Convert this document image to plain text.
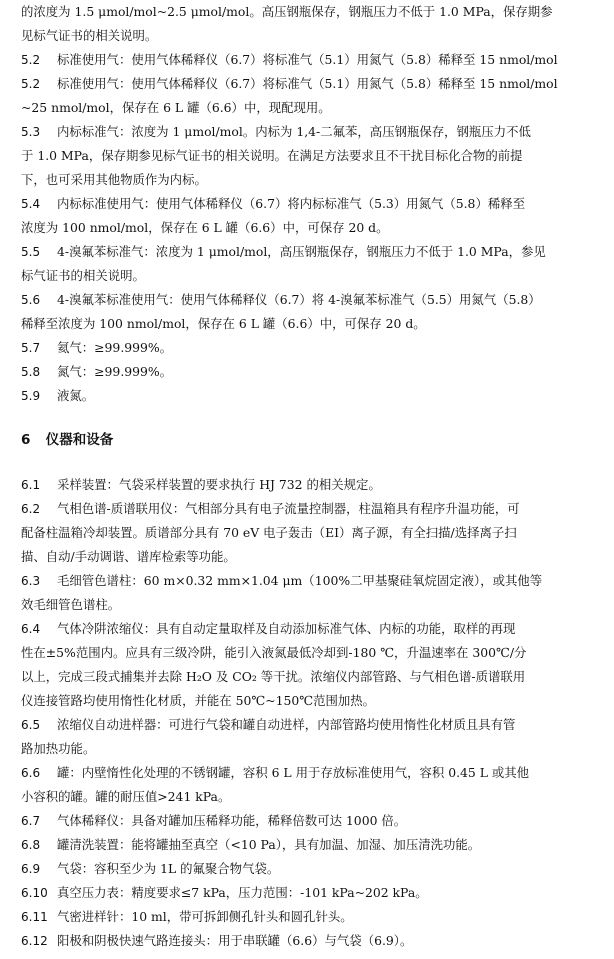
的浓度为 1.5 μmol/mol~2.5 μmol/mol。高压钢瓶保存，钢瓶压力不低于 1.0 MPa，保存期参
见标气证书的相关说明。
5.2 标准使用气：使用气体稀释仪（6.7）将标准气（5.1）用氮气（5.8）稀释至 15 nmol/mol
5.2 标准使用气：使用气体稀释仪（6.7）将标准气（5.1）用氮气（5.8）稀释至 15 nmol/mol
~25 nmol/mol，保存在 6 L 罐（6.6）中，现配现用。
5.3 内标标准气：浓度为 1 μmol/mol。内标为 1,4-二氟苯，高压钢瓶保存，钢瓶压力不低
于 1.0 MPa，保存期参见标气证书的相关说明。在满足方法要求且不干扰目标化合物的前提
下，也可采用其他物质作为内标。
5.4 内标标准使用气：使用气体稀释仪（6.7）将内标标准气（5.3）用氮气（5.8）稀释至
浓度为 100 nmol/mol，保存在 6 L 罐（6.6）中，可保存 20 d。
5.5 4-溴氟苯标准气：浓度为 1 μmol/mol，高压钢瓶保存，钢瓶压力不低于 1.0 MPa，参见
标气证书的相关说明。
5.6 4-溴氟苯标准使用气：使用气体稀释仪（6.7）将 4-溴氟苯标准气（5.5）用氮气（5.8）
稀释至浓度为 100 nmol/mol，保存在 6 L 罐（6.6）中，可保存 20 d。
5.7 氦气：≥99.999%。
5.8 氮气：≥99.999%。
5.9 液氮。
6 仪器和设备
6.1 采样装置：气袋采样装置的要求执行 HJ 732 的相关规定。
6.2 气相色谱-质谱联用仪：气相部分具有电子流量控制器，柱温箱具有程序升温功能，可
配备柱温箱冷却装置。质谱部分具有 70 eV 电子轰击（EI）离子源，有全扫描/选择离子扫
描、自动/手动调谐、谱库检索等功能。
6.3 毛细管色谱柱：60 m×0.32 mm×1.04 μm（100%二甲基聚硅氧烷固定液），或其他等
效毛细管色谱柱。
6.4 气体冷阱浓缩仪：具有自动定量取样及自动添加标准气体、内标的功能，取样的再现
性在±5%范围内。应具有三级冷阱，能引入液氮最低冷却到-180 ℃，升温速率在 300℃/分
以上，完成三段式捕集并去除 H₂O 及 CO₂ 等干扰。浓缩仪内部管路、与气相色谱-质谱联用
仪连接管路均使用惰性化材质，并能在 50℃~150℃范围加热。
6.5 浓缩仪自动进样器：可进行气袋和罐自动进样，内部管路均使用惰性化材质且具有管
路加热功能。
6.6 罐：内壁惰性化处理的不锈钢罐，容积 6 L 用于存放标准使用气，容积 0.45 L 或其他
小容积的罐。罐的耐压值>241 kPa。
6.7 气体稀释仪：具备对罐加压稀释功能，稀释倍数可达 1000 倍。
6.8 罐清洗装置：能将罐抽至真空（<10 Pa），具有加温、加湿、加压清洗功能。
6.9 气袋：容积至少为 1L 的氟聚合物气袋。
6.10 真空压力表：精度要求≤7 kPa，压力范围：-101 kPa~202 kPa。
6.11 气密进样针：10 ml，带可拆卸侧孔针头和圆孔针头。
6.12 阳极和阴极快速气路连接头：用于串联罐（6.6）与气袋（6.9）。
